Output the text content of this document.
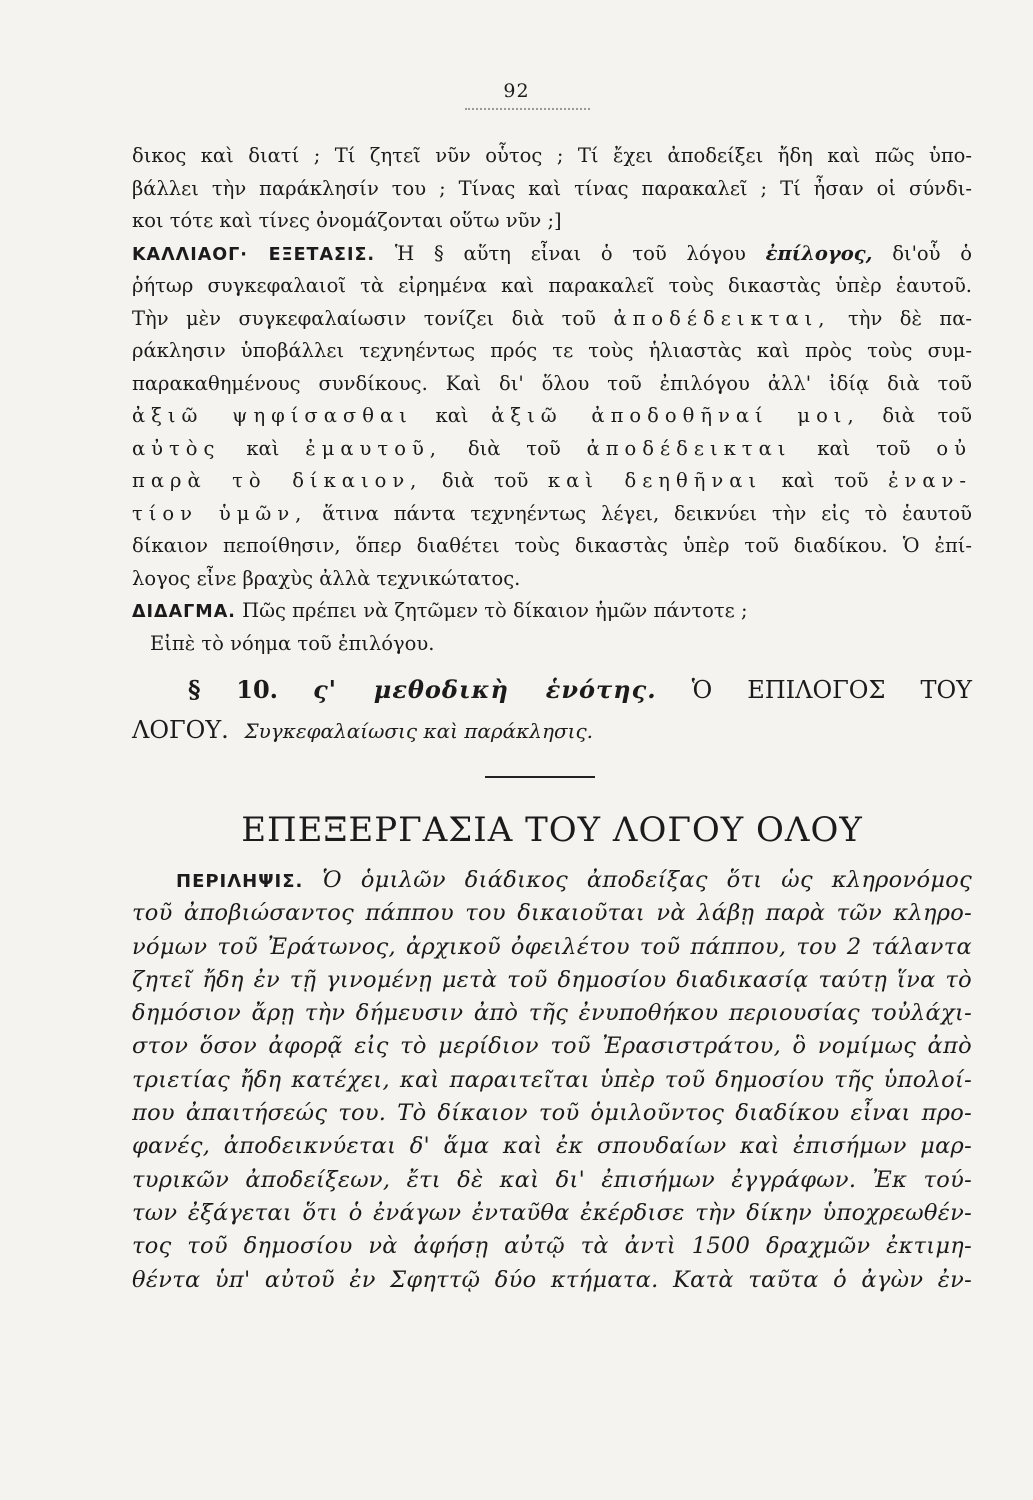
92
δικος καὶ διατί ; Τί ζητεῖ νῦν οὗτος ; Τί ἔχει ἀποδείξει ἤδη καὶ πῶς ὑπο-
βάλλει τὴν παράκλησίν του ; Τίνας καὶ τίνας παρακαλεῖ ; Τί ἦσαν οἱ σύνδι-
κοι τότε καὶ τίνες ὀνομάζονται οὕτω νῦν ;]
ΚΑΛΛΙΑΟΓ· ΕΞΕΤΑΣΙΣ. Ἡ § αὕτη εἶναι ὁ τοῦ λόγου ἐπίλογος, δι'οὗ ὁ
ῥήτωρ συγκεφαλαιοῖ τὰ εἰρημένα καὶ παρακαλεῖ τοὺς δικαστὰς ὑπὲρ ἑαυτοῦ.
Τὴν μὲν συγκεφαλαίωσιν τονίζει διὰ τοῦ ἀποδέδεικται, τὴν δὲ πα-
ράκλησιν ὑποβάλλει τεχνηέντως πρός τε τοὺς ἡλιαστὰς καὶ πρὸς τοὺς συμ-
παρακαθημένους συνδίκους. Καὶ δι' ὅλου τοῦ ἐπιλόγου ἀλλ' ἰδίᾳ διὰ τοῦ
ἀξιῶ ψηφίσασθαι καὶ ἀξιῶ ἀποδοθῆναί μοι, διὰ τοῦ
αὐτὸς καὶ ἐμαυτοῦ, διὰ τοῦ ἀποδέδεικται καὶ τοῦ οὐ
παρὰ τὸ δίκαιον, διὰ τοῦ καὶ δεηθῆναι καὶ τοῦ ἐναν-
τίον ὑμῶν, ἅτινα πάντα τεχνηέντως λέγει, δεικνύει τὴν εἰς τὸ ἑαυτοῦ
δίκαιον πεποίθησιν, ὅπερ διαθέτει τοὺς δικαστὰς ὑπὲρ τοῦ διαδίκου. Ὁ ἐπί-
λογος εἶνε βραχὺς ἀλλὰ τεχνικώτατος.
ΔΙΔΑΓΜΑ. Πῶς πρέπει νὰ ζητῶμεν τὸ δίκαιον ἡμῶν πάντοτε ;
Εἰπὲ τὸ νόημα τοῦ ἐπιλόγου.
§ 10. ς' μεθοδικὴ ἑνότης. Ὁ ΕΠΙΛΟΓΟΣ ΤΟΥ
ΛΟΓΟΥ. Συγκεφαλαίωσις καὶ παράκλησις.
ΕΠΕΞΕΡΓΑΣΙΑ ΤΟΥ ΛΟΓΟΥ ΟΛΟΥ
ΠΕΡΙΛΗΨΙΣ. Ὁ ὁμιλῶν διάδικος ἀποδείξας ὅτι ὡς κληρονόμος
τοῦ ἀποβιώσαντος πάππου του δικαιοῦται νὰ λάβῃ παρὰ τῶν κληρο-
νόμων τοῦ Ἐράτωνος, ἀρχικοῦ ὀφειλέτου τοῦ πάππου, του 2 τάλαντα
ζητεῖ ἤδη ἐν τῇ γινομένῃ μετὰ τοῦ δημοσίου διαδικασίᾳ ταύτῃ ἵνα τὸ
δημόσιον ἄρῃ τὴν δήμευσιν ἀπὸ τῆς ἐνυποθήκου περιουσίας τοὐλάχι-
στον ὅσον ἀφορᾷ εἰς τὸ μερίδιον τοῦ Ἐρασιστράτου, ὃ νομίμως ἀπὸ
τριετίας ἤδη κατέχει, καὶ παραιτεῖται ὑπὲρ τοῦ δημοσίου τῆς ὑπολοί-
που ἀπαιτήσεώς του. Τὸ δίκαιον τοῦ ὁμιλοῦντος διαδίκου εἶναι προ-
φανές, ἀποδεικνύεται δ' ἅμα καὶ ἐκ σπουδαίων καὶ ἐπισήμων μαρ-
τυρικῶν ἀποδείξεων, ἔτι δὲ καὶ δι' ἐπισήμων ἐγγράφων. Ἐκ τού-
των ἐξάγεται ὅτι ὁ ἐνάγων ἐνταῦθα ἐκέρδισε τὴν δίκην ὑποχρεωθέν-
τος τοῦ δημοσίου νὰ ἀφήσῃ αὐτῷ τὰ ἀντὶ 1500 δραχμῶν ἐκτιμη-
θέντα ὑπ' αὐτοῦ ἐν Σφηττῷ δύο κτήματα. Κατὰ ταῦτα ὁ ἀγὼν ἐν-
